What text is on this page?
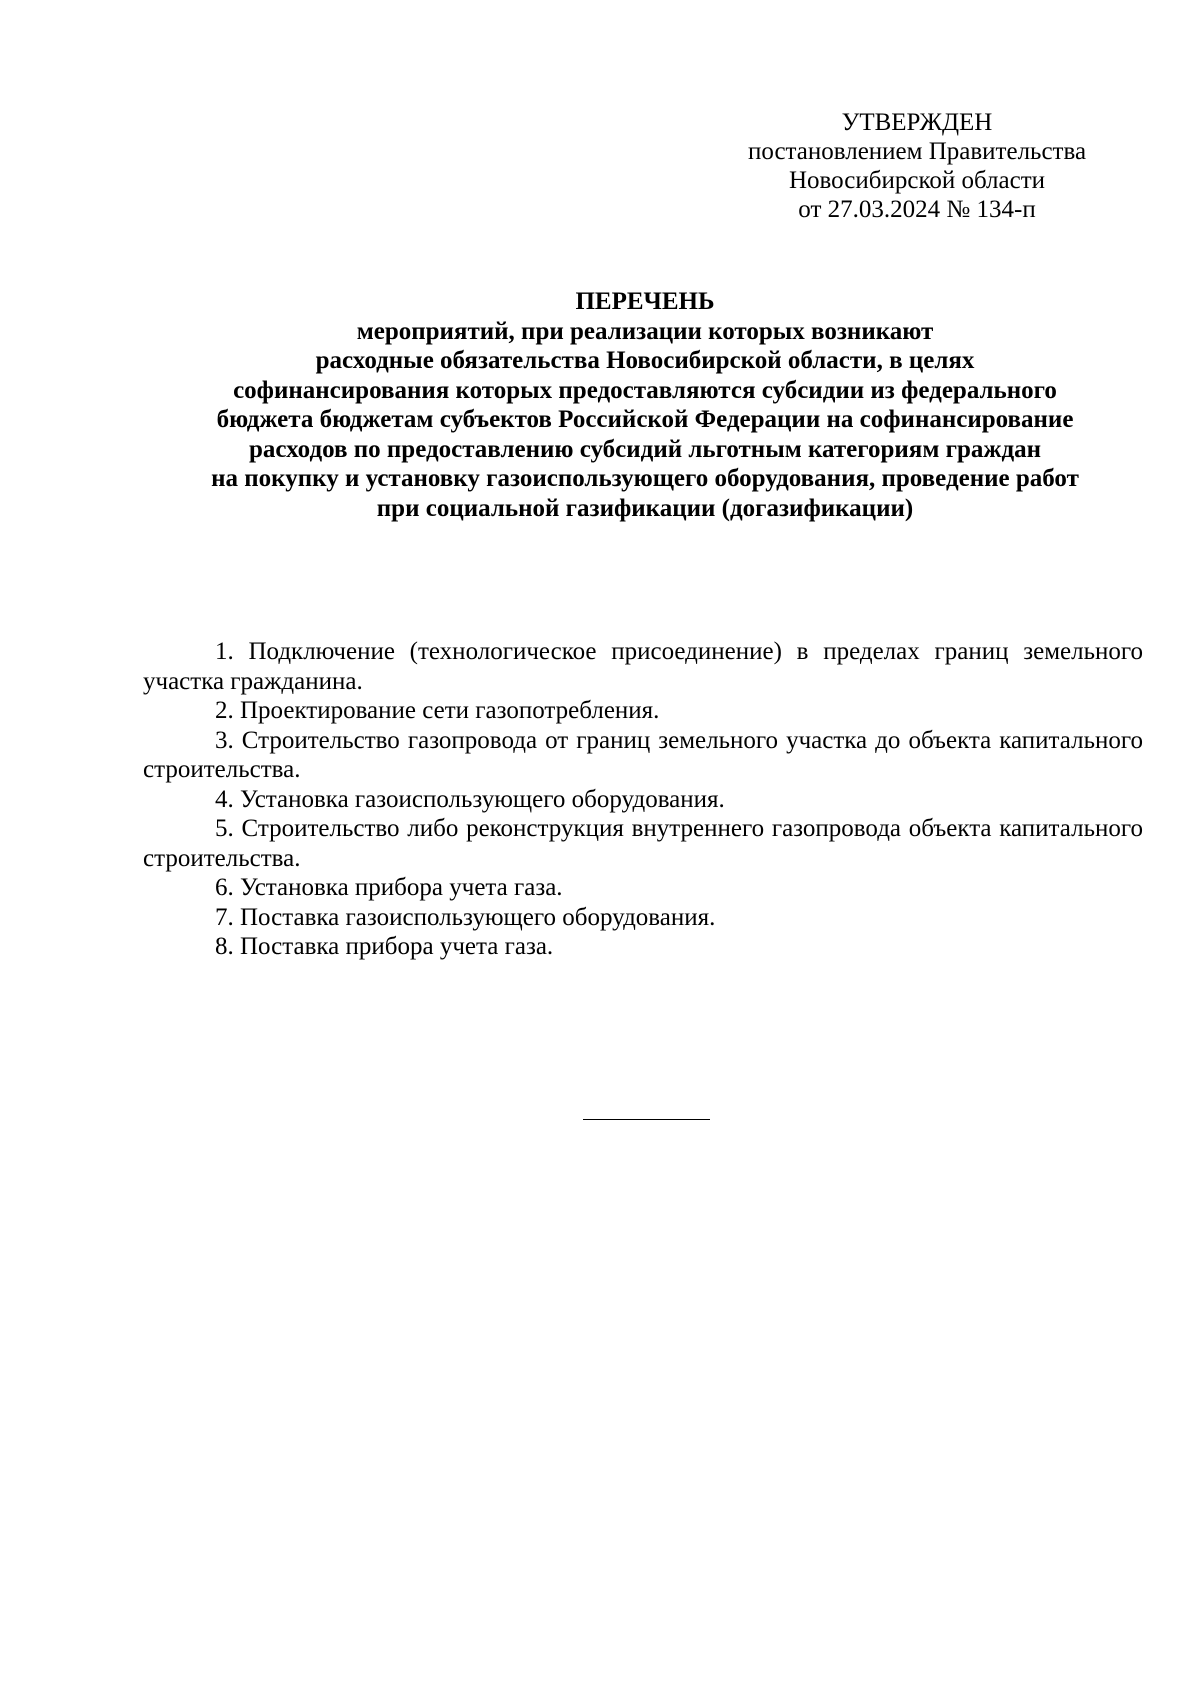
УТВЕРЖДЕН
постановлением Правительства
Новосибирской области
от 27.03.2024 № 134-п
ПЕРЕЧЕНЬ
мероприятий, при реализации которых возникают
расходные обязательства Новосибирской области, в целях
софинансирования которых предоставляются субсидии из федерального
бюджета бюджетам субъектов Российской Федерации на софинансирование
расходов по предоставлению субсидий льготным категориям граждан
на покупку и установку газоиспользующего оборудования, проведение работ
при социальной газификации (догазификации)

1. Подключение (технологическое присоединение) в пределах границ земельного участка гражданина.

2. Проектирование сети газопотребления.

3. Строительство газопровода от границ земельного участка до объекта капитального строительства.

4. Установка газоиспользующего оборудования.

5. Строительство либо реконструкция внутреннего газопровода объекта капитального строительства.

6. Установка прибора учета газа.

7. Поставка газоиспользующего оборудования.

8. Поставка прибора учета газа.
